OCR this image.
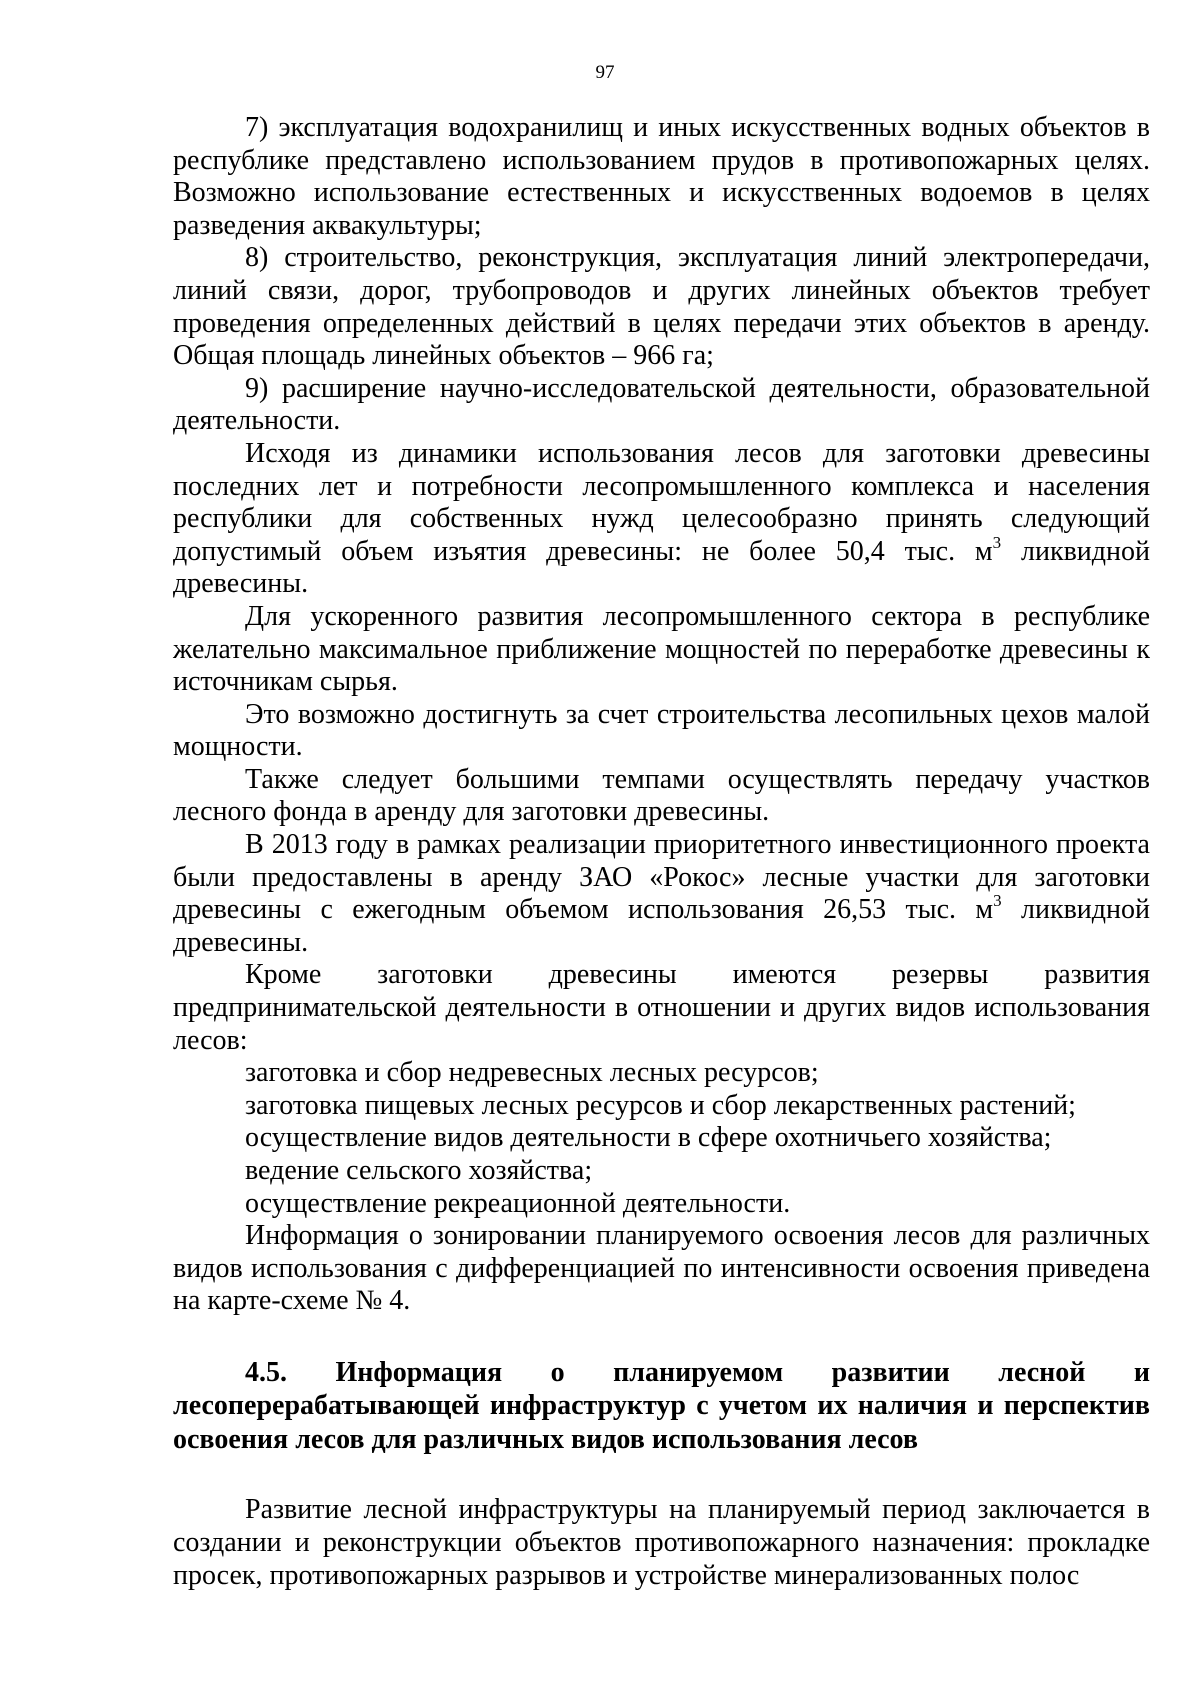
97

7) эксплуатация водохранилищ и иных искусственных водных объектов в республике представлено использованием прудов в противопожарных целях. Возможно использование естественных и искусственных водоемов в целях разведения аквакультуры;

8) строительство, реконструкция, эксплуатация линий электропередачи, линий связи, дорог, трубопроводов и других линейных объектов требует проведения определенных действий в целях передачи этих объектов в аренду. Общая площадь линейных объектов – 966 га;

9) расширение научно-исследовательской деятельности, образовательной деятельности.

Исходя из динамики использования лесов для заготовки древесины последних лет и потребности лесопромышленного комплекса и населения республики для собственных нужд целесообразно принять следующий допустимый объем изъятия древесины: не более 50,4 тыс. $м^3$ ликвидной древесины.

Для ускоренного развития лесопромышленного сектора в республике желательно максимальное приближение мощностей по переработке древесины к источникам сырья.

Это возможно достигнуть за счет строительства лесопильных цехов малой мощности.

Также следует большими темпами осуществлять передачу участков лесного фонда в аренду для заготовки древесины.

В 2013 году в рамках реализации приоритетного инвестиционного проекта были предоставлены в аренду ЗАО «Рокос» лесные участки для заготовки древесины с ежегодным объемом использования 26,53 тыс. $м^3$ ликвидной древесины.

Кроме заготовки древесины имеются резервы развития предпринимательской деятельности в отношении и других видов использования лесов:

заготовка и сбор недревесных лесных ресурсов;

заготовка пищевых лесных ресурсов и сбор лекарственных растений;

осуществление видов деятельности в сфере охотничьего хозяйства;

ведение сельского хозяйства;

осуществление рекреационной деятельности.

Информация о зонировании планируемого освоения лесов для различных видов использования с дифференциацией по интенсивности освоения приведена на карте-схеме № 4.

4.5. Информация о планируемом развитии лесной и лесоперерабатывающей инфраструктур с учетом их наличия и перспектив освоения лесов для различных видов использования лесов

Развитие лесной инфраструктуры на планируемый период заключается в создании и реконструкции объектов противопожарного назначения: прокладке просек, противопожарных разрывов и устройстве минерализованных полос
